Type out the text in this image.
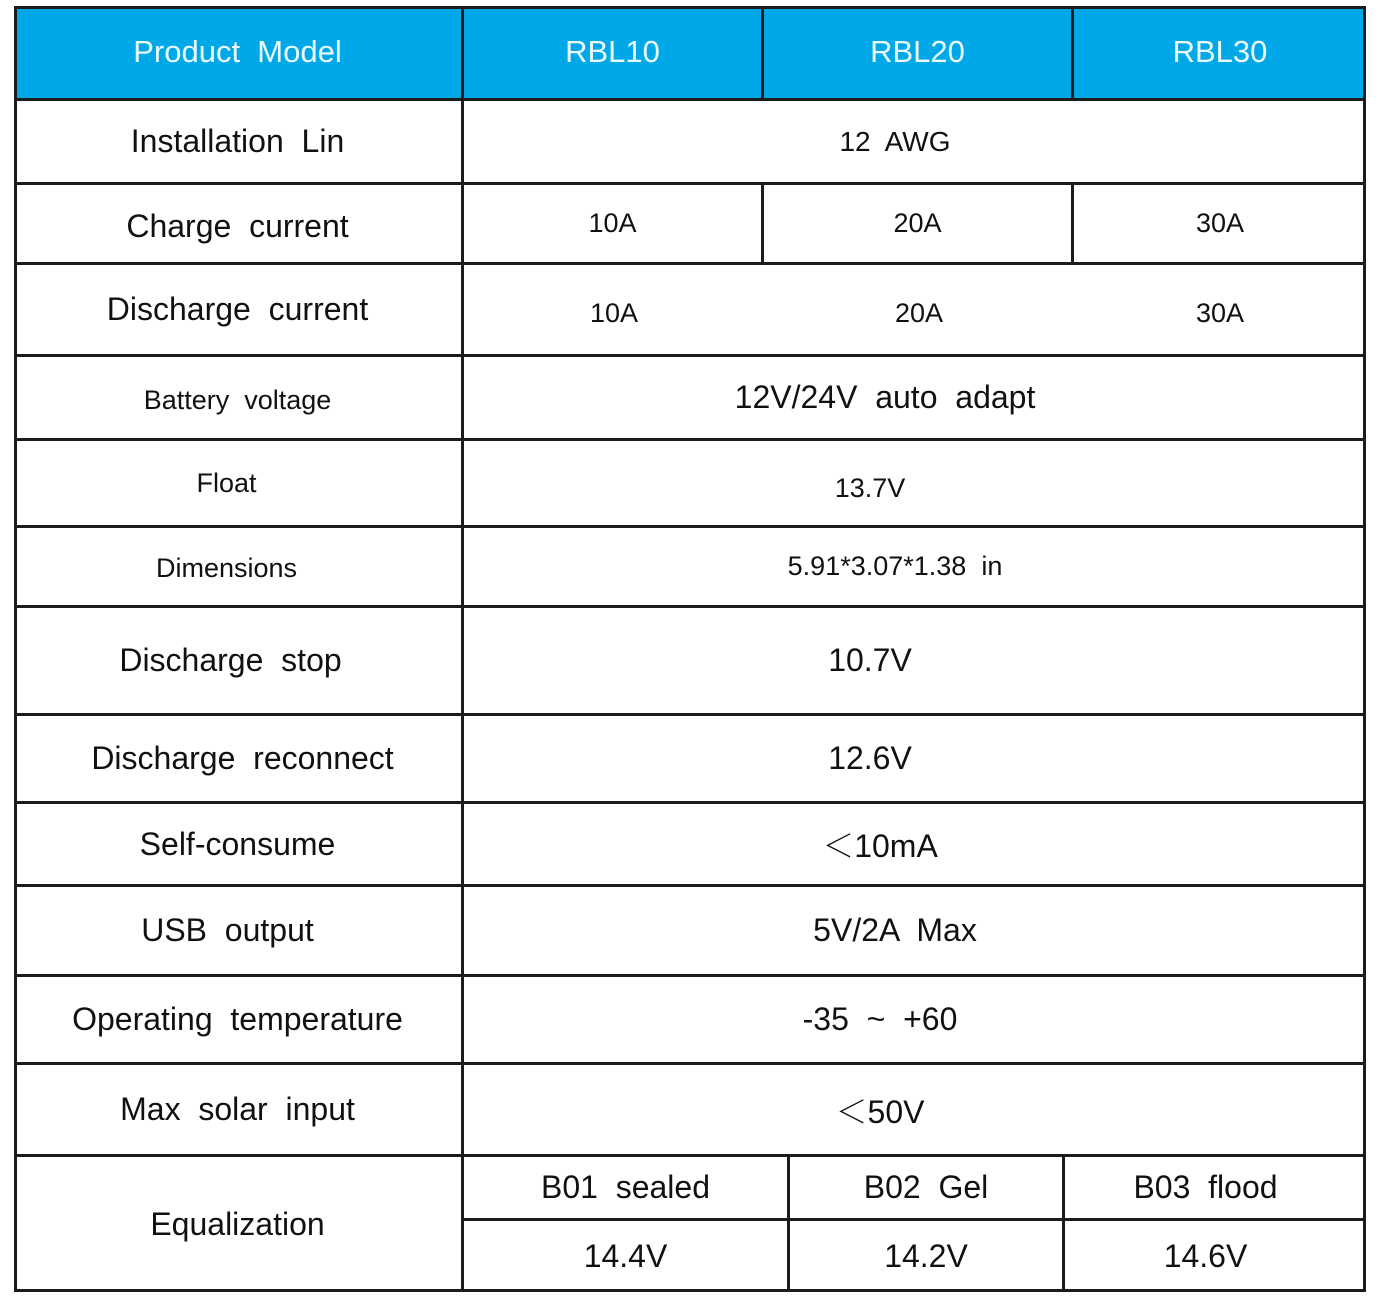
Product  Model	RBL10	RBL20	RBL30
Installation  Lin	12  AWG
Charge  current	10A	20A	30A
Discharge  current	10A	20A	30A
Battery  voltage	12V/24V  auto  adapt
Float	13.7V
Dimensions	5.91*3.07*1.38  in
Discharge  stop	10.7V
Discharge  reconnect	12.6V
Self-consume	＜10mA
USB  output	5V/2A  Max
Operating  temperature	-35  ~  +60
Max  solar  input	＜50V
Equalization
B01  sealed	B02  Gel	B03  flood
14.4V	14.2V	14.6V
